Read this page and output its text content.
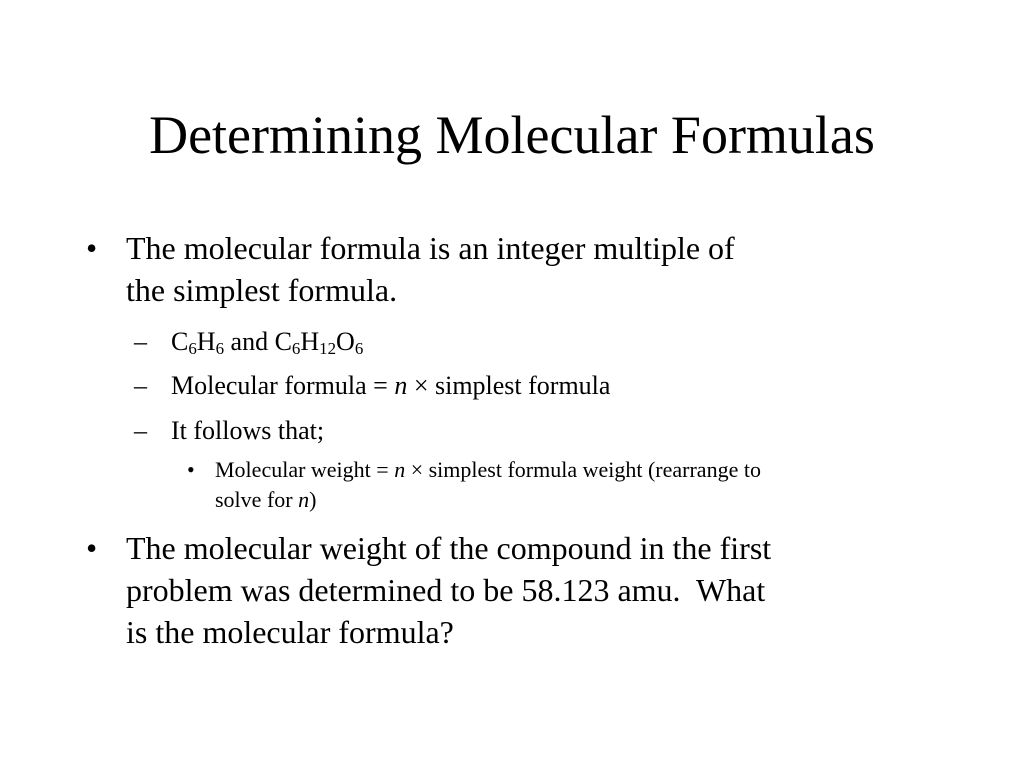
Determining Molecular Formulas
• The molecular formula is an integer multiple of
the simplest formula.
– $C_6H_6$ and $C_6H_{12}O_6$
– Molecular formula = n × simplest formula
– It follows that;
• Molecular weight = n × simplest formula weight (rearrange to
solve for n)
• The molecular weight of the compound in the first
problem was determined to be 58.123 amu.  What
is the molecular formula?
